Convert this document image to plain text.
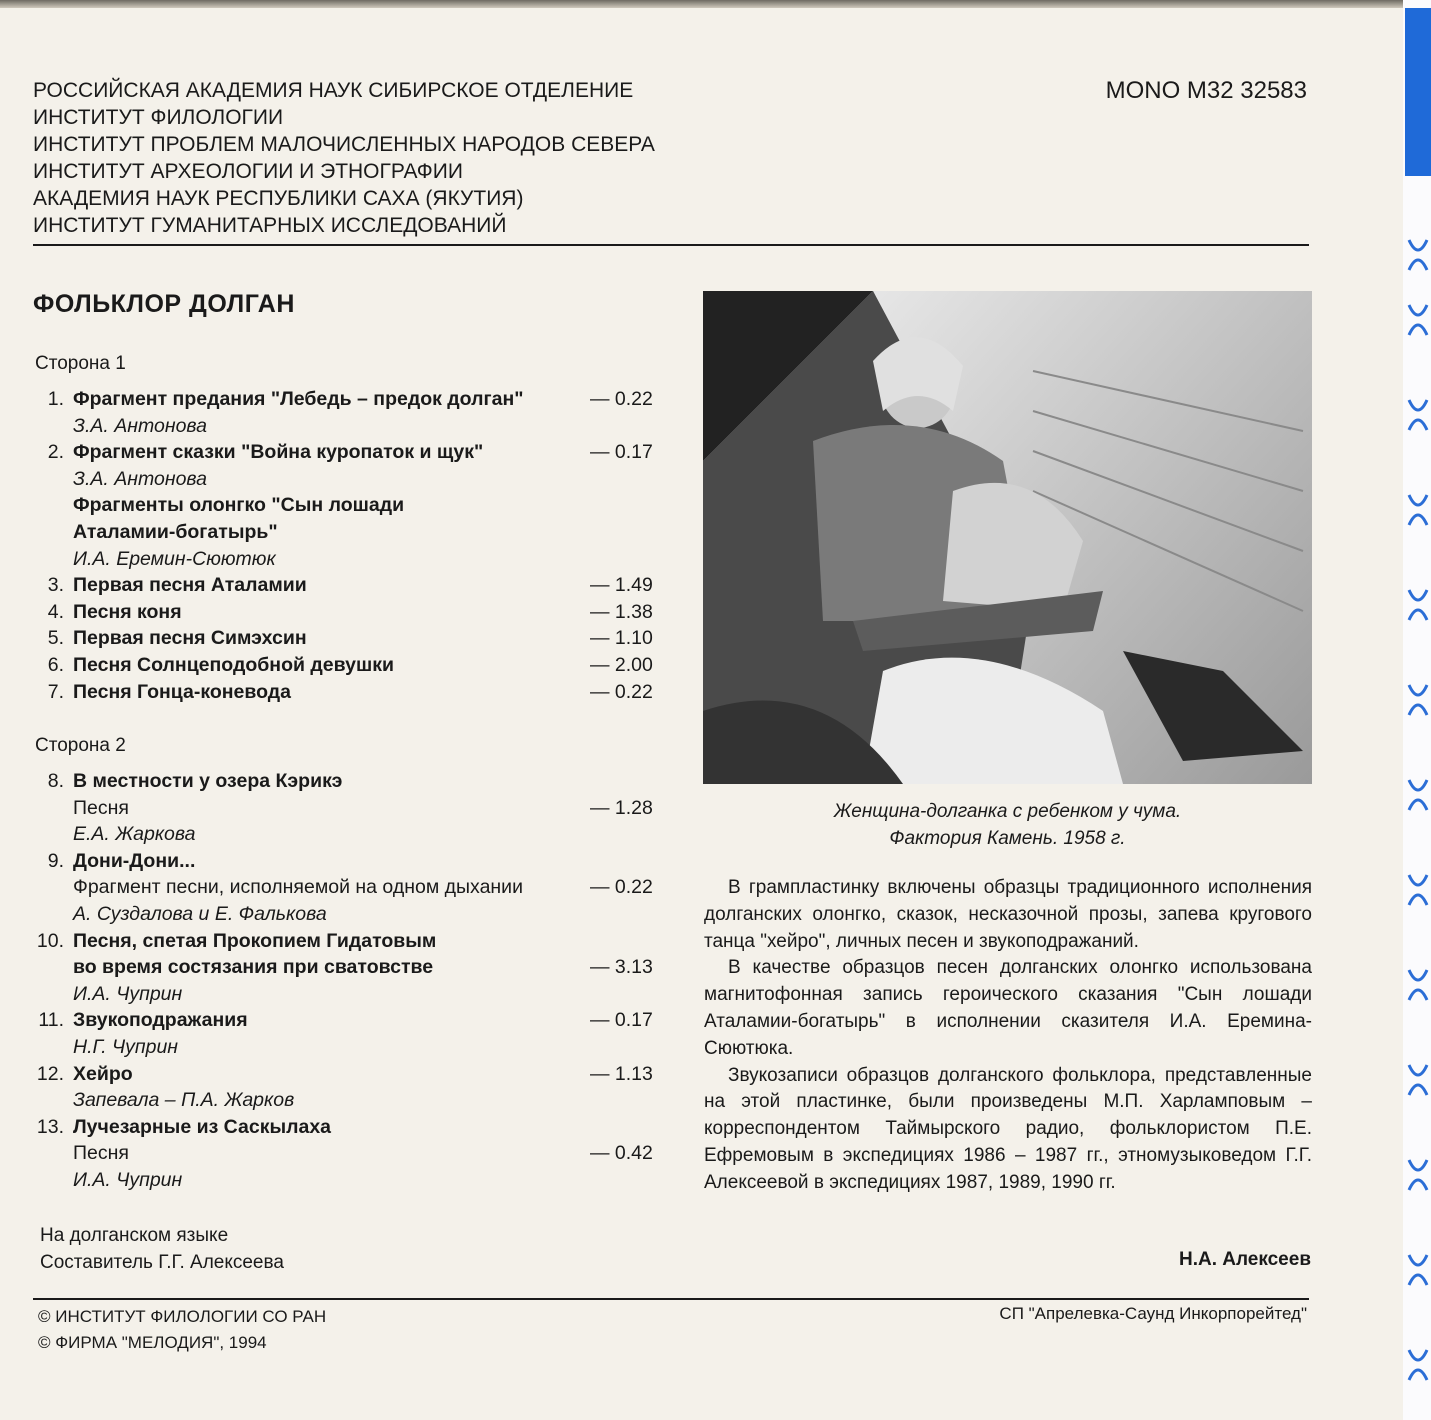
РОССИЙСКАЯ АКАДЕМИЯ НАУК СИБИРСКОЕ ОТДЕЛЕНИЕ
ИНСТИТУТ ФИЛОЛОГИИ
ИНСТИТУТ ПРОБЛЕМ МАЛОЧИСЛЕННЫХ НАРОДОВ СЕВЕРА
ИНСТИТУТ АРХЕОЛОГИИ И ЭТНОГРАФИИ
АКАДЕМИЯ НАУК РЕСПУБЛИКИ САХА (ЯКУТИЯ)
ИНСТИТУТ ГУМАНИТАРНЫХ ИССЛЕДОВАНИЙ
MONO М32 32583
ФОЛЬКЛОР ДОЛГАН
Сторона 1
1. Фрагмент предания "Лебедь – предок долган"	— 0.22
З.А. Антонова
2. Фрагмент сказки "Война куропаток и щук"	— 0.17
З.А. Антонова
Фрагменты олонгко "Сын лошади
Аталамии-богатырь"
И.А. Еремин-Сюютюк
3. Первая песня Аталамии	— 1.49
4. Песня коня	— 1.38
5. Первая песня Симэхсин	— 1.10
6. Песня Солнцеподобной девушки	— 2.00
7. Песня Гонца-коневода	— 0.22
Сторона 2
8. В местности у озера Кэрикэ
Песня	— 1.28
Е.А. Жаркова
9. Дони-Дони...
Фрагмент песни, исполняемой на одном дыхании	— 0.22
А. Суздалова и Е. Фалькова
10. Песня, спетая Прокопием Гидатовым
во время состязания при сватовстве	— 3.13
И.А. Чуприн
11. Звукоподражания	— 0.17
Н.Г. Чуприн
12. Хейро	— 1.13
Запевала – П.А. Жарков
13. Лучезарные из Саскылаха
Песня	— 0.42
И.А. Чуприн
На долганском языке
Составитель Г.Г. Алексеева
Женщина-долганка с ребенком у чума.
Фактория Камень. 1958 г.

В грампластинку включены образцы традиционного исполнения долганских олонгко, сказок, несказочной прозы, запева кругового танца "хейро", личных песен и звукоподражаний.

В качестве образцов песен долганских олонгко использована магнитофонная запись героического сказания "Сын лошади Аталамии-богатырь" в исполнении сказителя И.А. Еремина-Сюютюка.

Звукозаписи образцов долганского фольклора, представленные на этой пластинке, были произведены М.П. Харламповым – корреспондентом Таймырского радио, фольклористом П.Е. Ефремовым в экспедициях 1986 – 1987 гг., этномузыковедом Г.Г. Алексеевой в экспедициях 1987, 1989, 1990 гг.

Н.А. Алексеев
© ИНСТИТУТ ФИЛОЛОГИИ СО РАН
© ФИРМА "МЕЛОДИЯ", 1994
СП "Апрелевка-Саунд Инкорпорейтед"
